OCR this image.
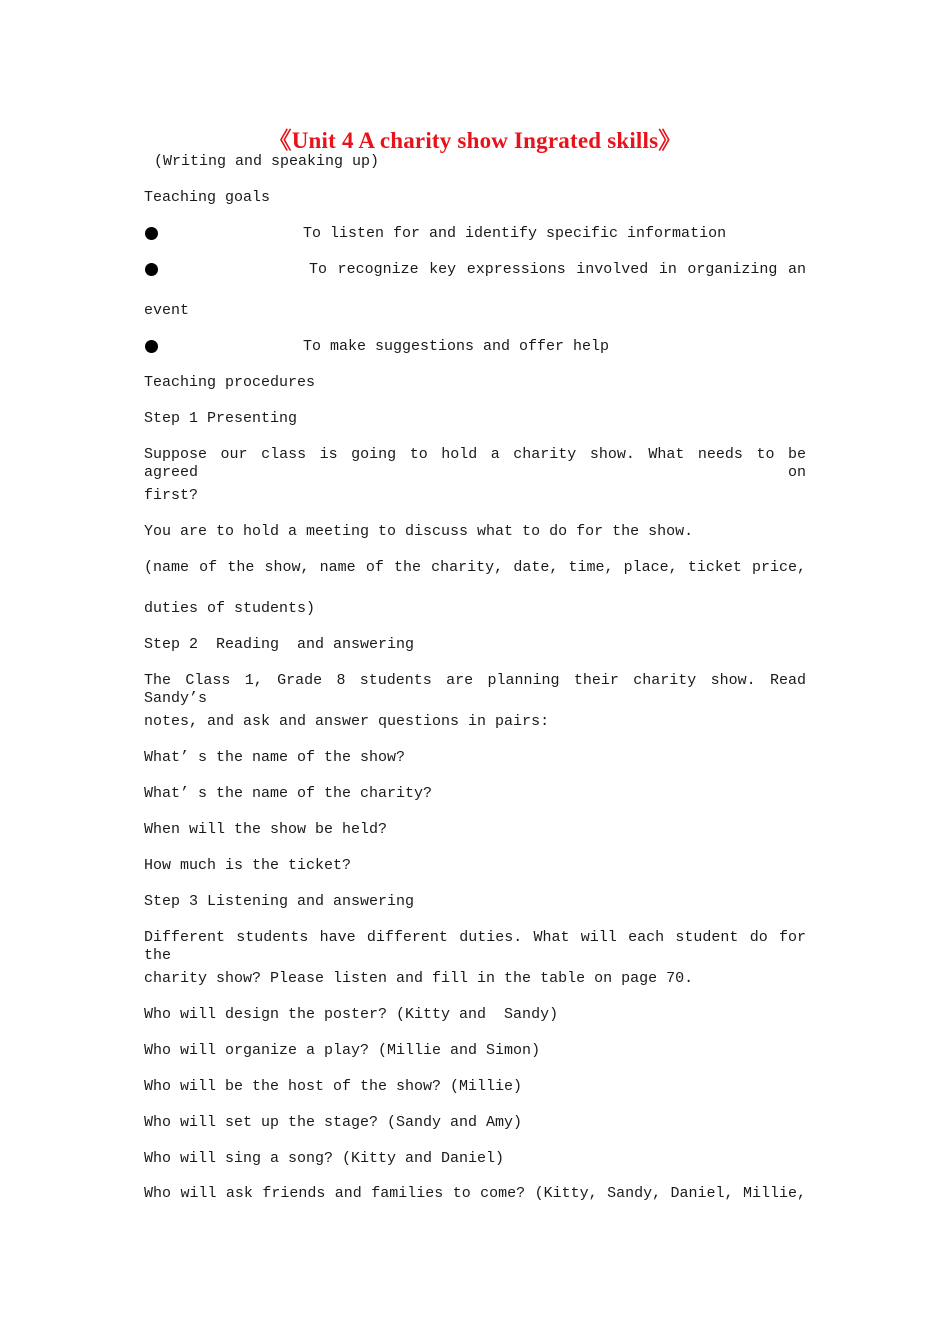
《Unit 4 A charity show Ingrated skills》
(Writing and speaking up)
Teaching goals
To listen for and identify specific information
To recognize key expressions involved in organizing an
event
To make suggestions and offer help
Teaching procedures
Step 1 Presenting
Suppose our class is going to hold a charity show. What needs to be agreed on
first?
You are to hold a meeting to discuss what to do for the show.
(name of the show, name of the charity, date, time, place, ticket price,
duties of students)
Step 2  Reading  and answering
The Class 1, Grade 8 students are planning their charity show. Read Sandy’s
notes, and ask and answer questions in pairs:
What’ s the name of the show?
What’ s the name of the charity?
When will the show be held?
How much is the ticket?
Step 3 Listening and answering
Different students have different duties. What will each student do for the
charity show? Please listen and fill in the table on page 70.
Who will design the poster? (Kitty and  Sandy)
Who will organize a play? (Millie and Simon)
Who will be the host of the show? (Millie)
Who will set up the stage? (Sandy and Amy)
Who will sing a song? (Kitty and Daniel)
Who will ask friends and families to come? (Kitty, Sandy, Daniel, Millie,
